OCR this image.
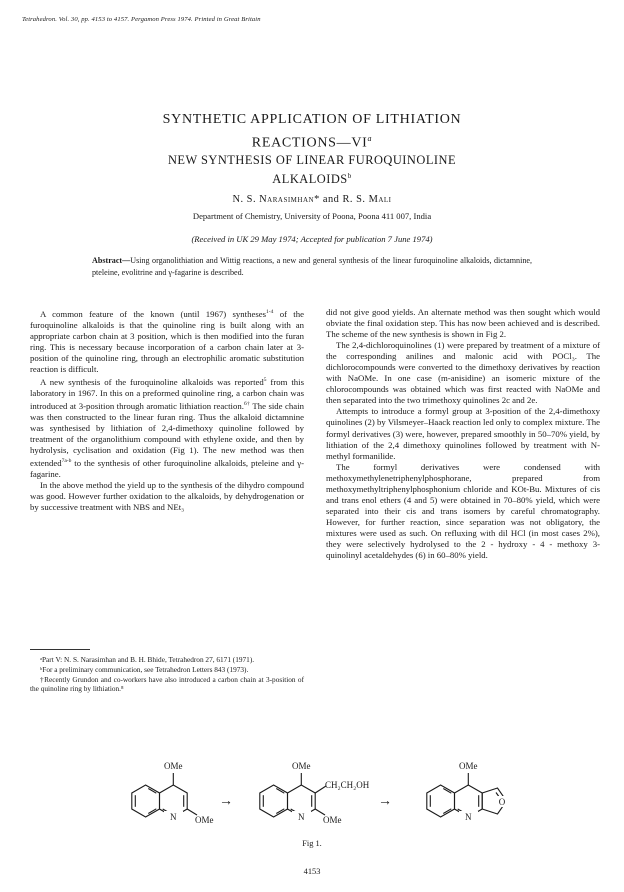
Tetrahedron. Vol. 30, pp. 4153 to 4157. Pergamon Press 1974. Printed in Great Britain
SYNTHETIC APPLICATION OF LITHIATION
$REACTIONS—VI^a$
NEW SYNTHESIS OF LINEAR FUROQUINOLINE
ALKALOIDS$^b$
N. S. Narasimhan* and R. S. Mali
Department of Chemistry, University of Poona, Poona 411 007, India
(Received in UK 29 May 1974; Accepted for publication 7 June 1974)
Abstract—Using organolithiation and Wittig reactions, a new and general synthesis of the linear furoquinoline alkaloids, dictamnine, pteleine, evolitrine and γ-fagarine is described.

A common feature of the known (until 1967) syntheses$^{1-4}$ of the furoquinoline alkaloids is that the quinoline ring is built along with an appropriate carbon chain at 3 position, which is then modified into the furan ring. This is necessary because incorporation of a carbon chain later at 3-position of the quinoline ring, through an electrophilic aromatic substitution reaction is difficult.

A new synthesis of the furoquinoline alkaloids was reported$^5$ from this laboratory in 1967. In this on a preformed quinoline ring, a carbon chain was introduced at 3-position through aromatic lithiation reaction.$^{6\dagger}$ The side chain was then constructed to the linear furan ring. Thus the alkaloid dictamnine was synthesised by lithiation of 2,4-dimethoxy quinoline followed by treatment of the organolithium compound with ethylene oxide, and then by hydrolysis, cyclisation and oxidation (Fig 1). The new method was then extended$^{7a-b}$ to the synthesis of other furoquinoline alkaloids, pteleine and γ-fagarine.

In the above method the yield up to the synthesis of the dihydro compound was good. However further oxidation to the alkaloids, by dehydrogenation or by successive treatment with NBS and NEt₃

ᵃPart V: N. S. Narasimhan and B. H. Bhide, Tetrahedron 27, 6171 (1971).

ᵇFor a preliminary communication, see Tetrahedron Letters 843 (1973).

†Recently Grundon and co-workers have also introduced a carbon chain at 3-position of the quinoline ring by lithiation.⁸

did not give good yields. An alternate method was then sought which would obviate the final oxidation step. This has now been achieved and is described. The scheme of the new synthesis is shown in Fig 2.

The 2,4-dichloroquinolines (1) were prepared by treatment of a mixture of the corresponding anilines and malonic acid with POCl₃. The dichlorocompounds were converted to the dimethoxy derivatives by reaction with NaOMe. In one case (m-anisidine) an isomeric mixture of the chlorocompounds was obtained which was first reacted with NaOMe and then separated into the two trimethoxy quinolines 2c and 2e.

Attempts to introduce a formyl group at 3-position of the 2,4-dimethoxy quinolines (2) by Vilsmeyer–Haack reaction led only to complex mixture. The formyl derivatives (3) were, however, prepared smoothly in 50–70% yield, by lithiation of the 2,4 dimethoxy quinolines followed by treatment with N-methyl formanilide.

The formyl derivatives were condensed with methoxymethylenetriphenylphosphorane, prepared from methoxymethyltriphenylphosphonium chloride and KOt-Bu. Mixtures of cis and trans enol ethers (4 and 5) were obtained in 70–80% yield, which were separated into their cis and trans isomers by careful chromatography. However, for further reaction, since separation was not obligatory, the mixtures were used as such. On refluxing with dil HCl (in most cases 2%), they were selectively hydrolysed to the 2 - hydroxy - 4 - methoxy 3-quinolinyl acetaldehydes (6) in 60–80% yield.

→	→
OMe
N OMe
OMe
CH₂CH₂OH
N OMe
OMe
N
O
Fig 1.
4153
